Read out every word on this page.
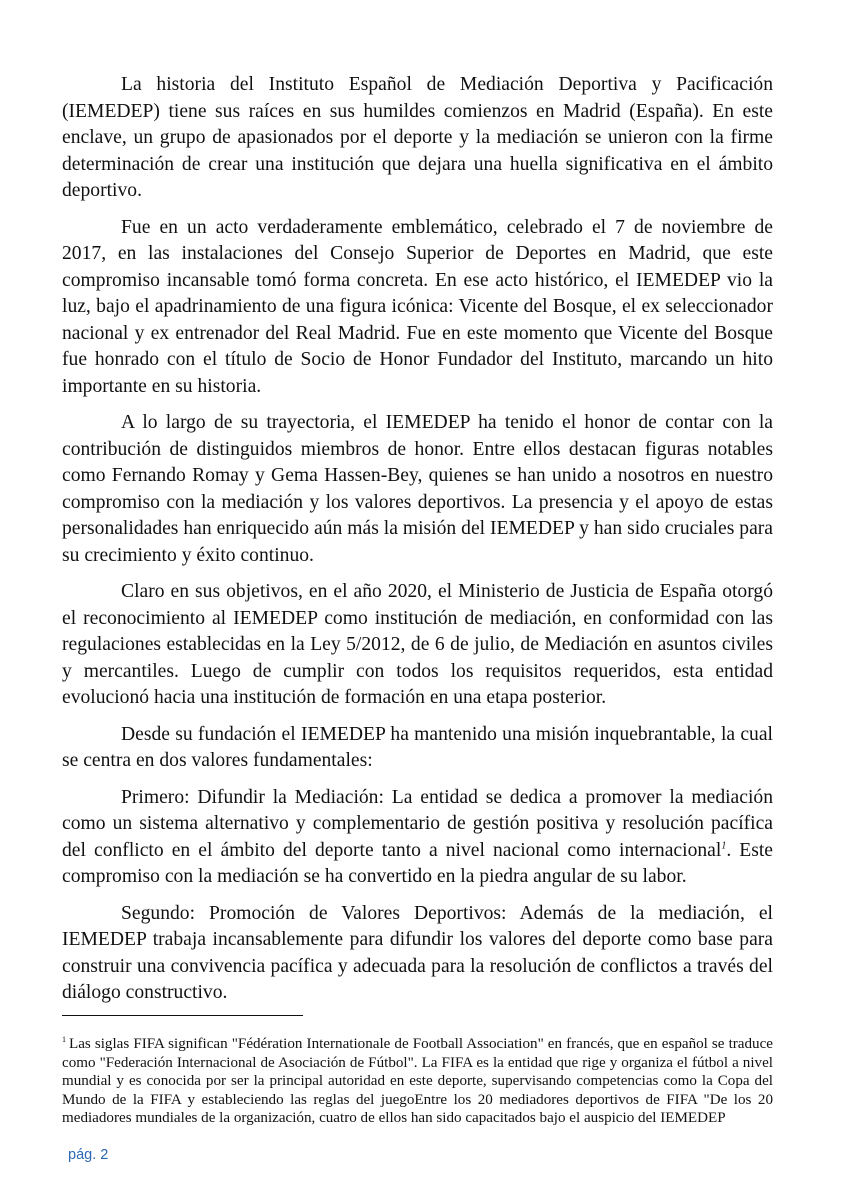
La historia del Instituto Español de Mediación Deportiva y Pacificación (IEMEDEP) tiene sus raíces en sus humildes comienzos en Madrid (España). En este enclave, un grupo de apasionados por el deporte y la mediación se unieron con la firme determinación de crear una institución que dejara una huella significativa en el ámbito deportivo.

Fue en un acto verdaderamente emblemático, celebrado el 7 de noviembre de 2017, en las instalaciones del Consejo Superior de Deportes en Madrid, que este compromiso incansable tomó forma concreta. En ese acto histórico, el IEMEDEP vio la luz, bajo el apadrinamiento de una figura icónica: Vicente del Bosque, el ex seleccionador nacional y ex entrenador del Real Madrid. Fue en este momento que Vicente del Bosque fue honrado con el título de Socio de Honor Fundador del Instituto, marcando un hito importante en su historia.

A lo largo de su trayectoria, el IEMEDEP ha tenido el honor de contar con la contribución de distinguidos miembros de honor. Entre ellos destacan figuras notables como Fernando Romay y Gema Hassen-Bey, quienes se han unido a nosotros en nuestro compromiso con la mediación y los valores deportivos. La presencia y el apoyo de estas personalidades han enriquecido aún más la misión del IEMEDEP y han sido cruciales para su crecimiento y éxito continuo.

Claro en sus objetivos, en el año 2020, el Ministerio de Justicia de España otorgó el reconocimiento al IEMEDEP como institución de mediación, en conformidad con las regulaciones establecidas en la Ley 5/2012, de 6 de julio, de Mediación en asuntos civiles y mercantiles. Luego de cumplir con todos los requisitos requeridos, esta entidad evolucionó hacia una institución de formación en una etapa posterior.

Desde su fundación el IEMEDEP ha mantenido una misión inquebrantable, la cual se centra en dos valores fundamentales:

Primero: Difundir la Mediación: La entidad se dedica a promover la mediación como un sistema alternativo y complementario de gestión positiva y resolución pacífica del conflicto en el ámbito del deporte tanto a nivel nacional como internacional$^1$. Este compromiso con la mediación se ha convertido en la piedra angular de su labor.

Segundo: Promoción de Valores Deportivos: Además de la mediación, el IEMEDEP trabaja incansablemente para difundir los valores del deporte como base para construir una convivencia pacífica y adecuada para la resolución de conflictos a través del diálogo constructivo.

$^1$ Las siglas FIFA significan "Fédération Internationale de Football Association" en francés, que en español se traduce como "Federación Internacional de Asociación de Fútbol". La FIFA es la entidad que rige y organiza el fútbol a nivel mundial y es conocida por ser la principal autoridad en este deporte, supervisando competencias como la Copa del Mundo de la FIFA y estableciendo las reglas del juegoEntre los 20 mediadores deportivos de FIFA "De los 20 mediadores mundiales de la organización, cuatro de ellos han sido capacitados bajo el auspicio del IEMEDEP
pág. 2
